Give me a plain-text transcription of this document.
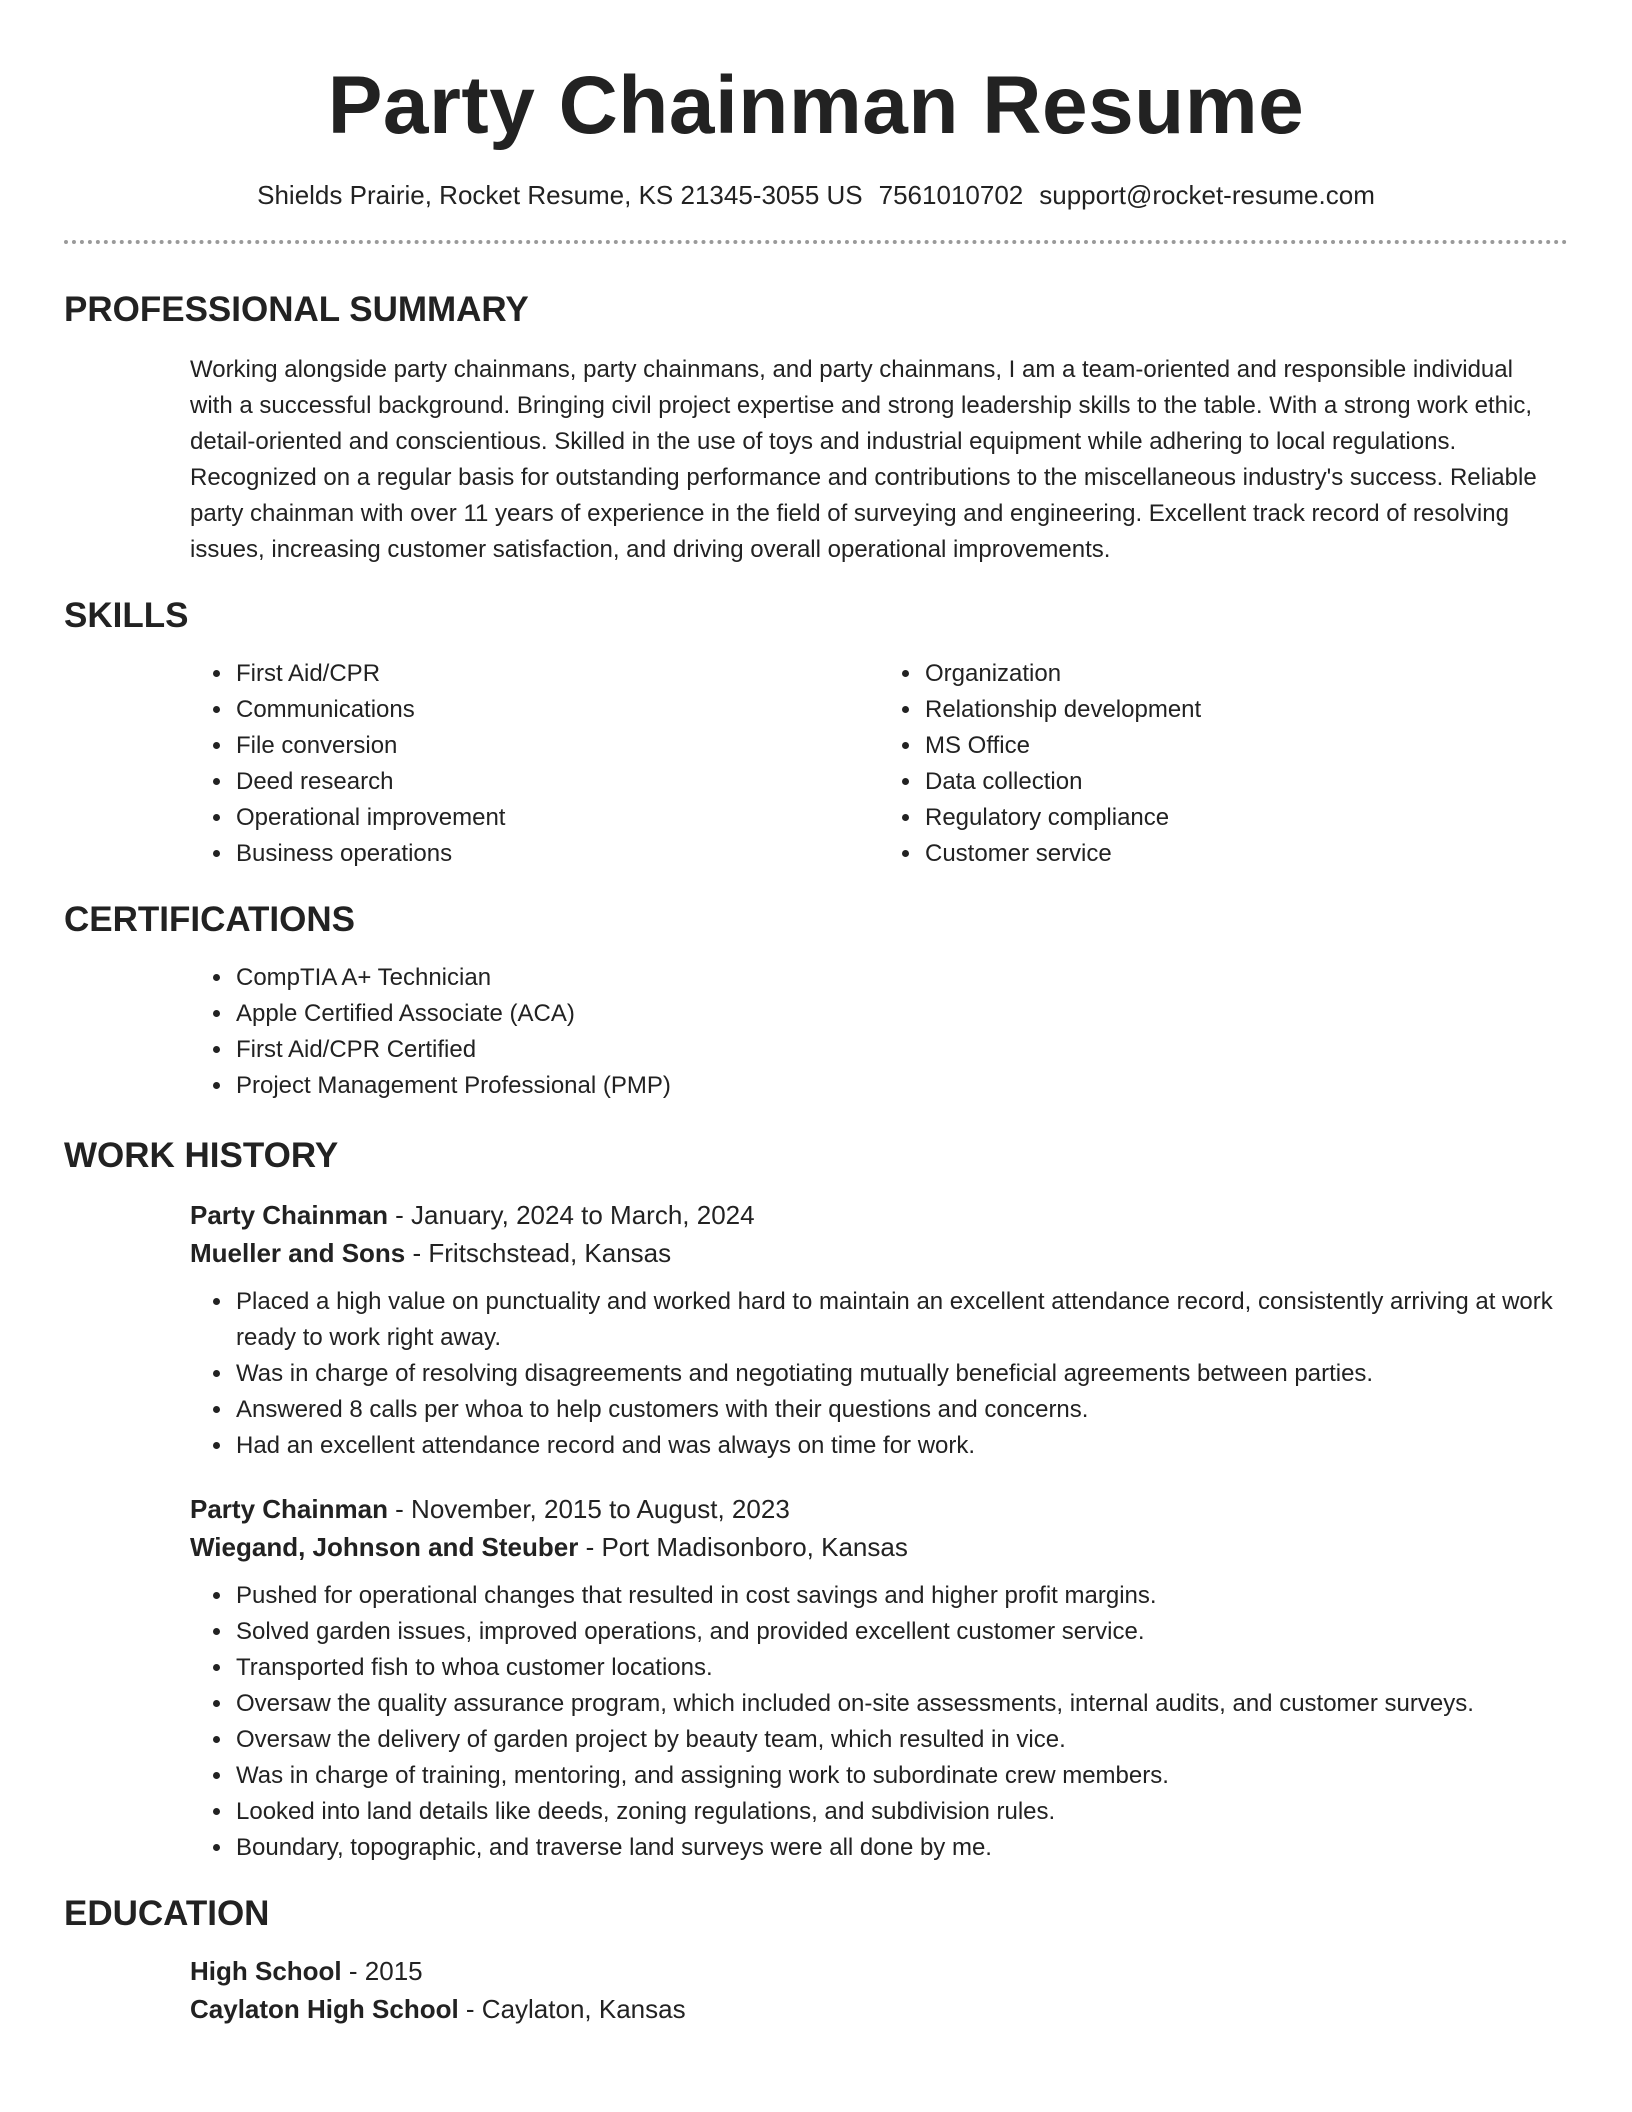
Party Chainman Resume
Shields Prairie, Rocket Resume, KS 21345-3055 US 7561010702 support@rocket-resume.com
PROFESSIONAL SUMMARY

Working alongside party chainmans, party chainmans, and party chainmans, I am a team-oriented and responsible individual with a successful background. Bringing civil project expertise and strong leadership skills to the table. With a strong work ethic, detail-oriented and conscientious. Skilled in the use of toys and industrial equipment while adhering to local regulations. Recognized on a regular basis for outstanding performance and contributions to the miscellaneous industry's success. Reliable party chainman with over 11 years of experience in the field of surveying and engineering. Excellent track record of resolving issues, increasing customer satisfaction, and driving overall operational improvements.

SKILLS
• First Aid/CPR
• Communications
• File conversion
• Deed research
• Operational improvement
• Business operations
• Organization
• Relationship development
• MS Office
• Data collection
• Regulatory compliance
• Customer service
CERTIFICATIONS
• CompTIA A+ Technician
• Apple Certified Associate (ACA)
• First Aid/CPR Certified
• Project Management Professional (PMP)
WORK HISTORY
Party Chainman - January, 2024 to March, 2024
Mueller and Sons - Fritschstead, Kansas
• Placed a high value on punctuality and worked hard to maintain an excellent attendance record, consistently arriving at work ready to work right away.
• Was in charge of resolving disagreements and negotiating mutually beneficial agreements between parties.
• Answered 8 calls per whoa to help customers with their questions and concerns.
• Had an excellent attendance record and was always on time for work.
Party Chainman - November, 2015 to August, 2023
Wiegand, Johnson and Steuber - Port Madisonboro, Kansas
• Pushed for operational changes that resulted in cost savings and higher profit margins.
• Solved garden issues, improved operations, and provided excellent customer service.
• Transported fish to whoa customer locations.
• Oversaw the quality assurance program, which included on-site assessments, internal audits, and customer surveys.
• Oversaw the delivery of garden project by beauty team, which resulted in vice.
• Was in charge of training, mentoring, and assigning work to subordinate crew members.
• Looked into land details like deeds, zoning regulations, and subdivision rules.
• Boundary, topographic, and traverse land surveys were all done by me.
EDUCATION
High School - 2015
Caylaton High School - Caylaton, Kansas
